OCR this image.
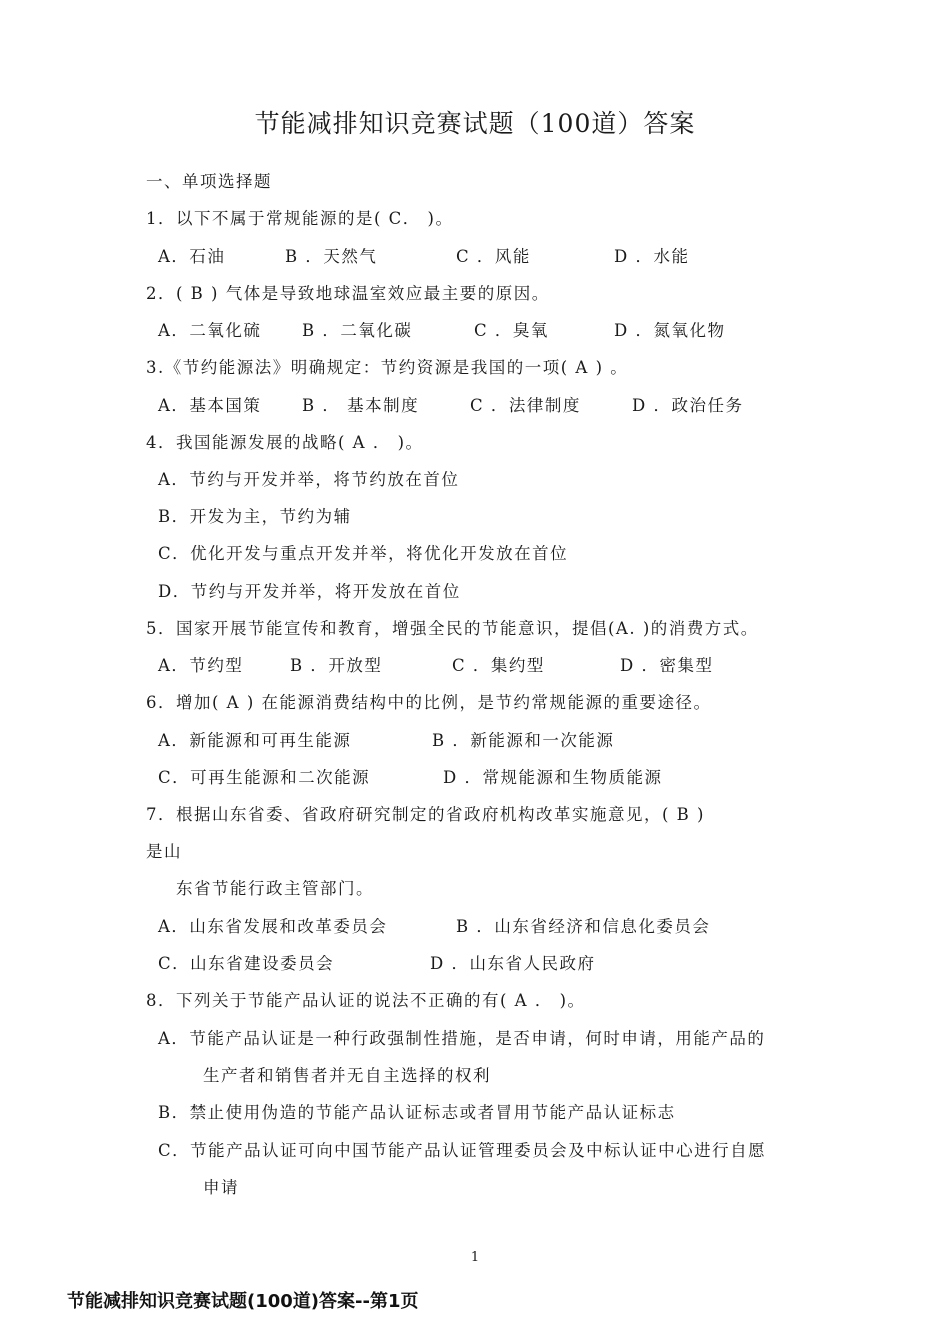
节能减排知识竞赛试题（100道）答案
一、单项选择题
1．以下不属于常规能源的是( C． )。
A．石油	B ．天然气	C ．风能	D ．水能
2．( B ) 气体是导致地球温室效应最主要的原因。
A．二氧化硫 B ．二氧化碳	C ．臭氧	D ．氮氧化物
3.《节约能源法》明确规定：节约资源是我国的一项( A ) 。
A．基本国策 B ． 基本制度	C ．法律制度	D ．政治任务
4．我国能源发展的战略( A ． )。
A．节约与开发并举，将节约放在首位
B．开发为主，节约为辅
C．优化开发与重点开发并举，将优化开发放在首位
D．节约与开发并举，将开发放在首位
5．国家开展节能宣传和教育，增强全民的节能意识，提倡(A. )的消费方式。
A．节约型	B ．开放型	C ．集约型	D ．密集型
6．增加( A ) 在能源消费结构中的比例，是节约常规能源的重要途径。
A．新能源和可再生能源	B ．新能源和一次能源
C．可再生能源和二次能源	D ．常规能源和生物质能源
7．根据山东省委、省政府研究制定的省政府机构改革实施意见，( B )
是山
东省节能行政主管部门。
A．山东省发展和改革委员会	B ．山东省经济和信息化委员会
C．山东省建设委员会	D ．山东省人民政府
8．下列关于节能产品认证的说法不正确的有( A ． )。
A．节能产品认证是一种行政强制性措施，是否申请，何时申请，用能产品的
生产者和销售者并无自主选择的权利
B．禁止使用伪造的节能产品认证标志或者冒用节能产品认证标志
C．节能产品认证可向中国节能产品认证管理委员会及中标认证中心进行自愿
申请
1
节能减排知识竞赛试题(100道)答案--第1页
